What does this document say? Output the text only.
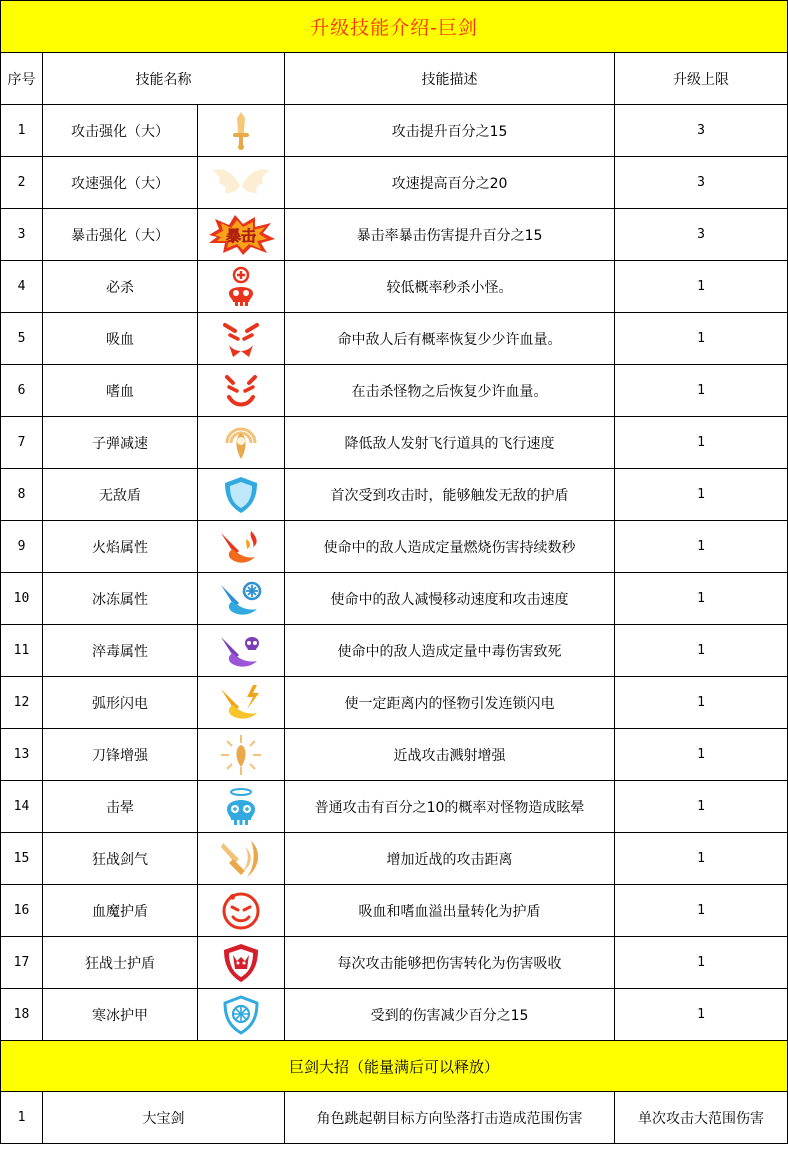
升级技能介绍-巨剑				
序号	技能名称		技能描述	升级上限
1	攻击强化（大）		攻击提升百分之15	3
2	攻速强化（大）		攻速提高百分之20	3
3	暴击强化（大）	暴击	暴击率暴击伤害提升百分之15	3
4	必杀		较低概率秒杀小怪。	1
5	吸血		命中敌人后有概率恢复少少许血量。	1
6	嗜血		在击杀怪物之后恢复少许血量。	1
7	子弹减速		降低敌人发射飞行道具的飞行速度	1
8	无敌盾		首次受到攻击时，能够触发无敌的护盾	1
9	火焰属性		使命中的敌人造成定量燃烧伤害持续数秒	1
10	冰冻属性		使命中的敌人减慢移动速度和攻击速度	1
11	淬毒属性		使命中的敌人造成定量中毒伤害致死	1
12	弧形闪电		使一定距离内的怪物引发连锁闪电	1
13	刀锋增强		近战攻击溅射增强	1
14	击晕		普通攻击有百分之10的概率对怪物造成眩晕	1
15	狂战剑气		增加近战的攻击距离	1
16	血魔护盾		吸血和嗜血溢出量转化为护盾	1
17	狂战士护盾		每次攻击能够把伤害转化为伤害吸收	1
18	寒冰护甲		受到的伤害减少百分之15	1
巨剑大招（能量满后可以释放）				
1	大宝剑		角色跳起朝目标方向坠落打击造成范围伤害	单次攻击大范围伤害
